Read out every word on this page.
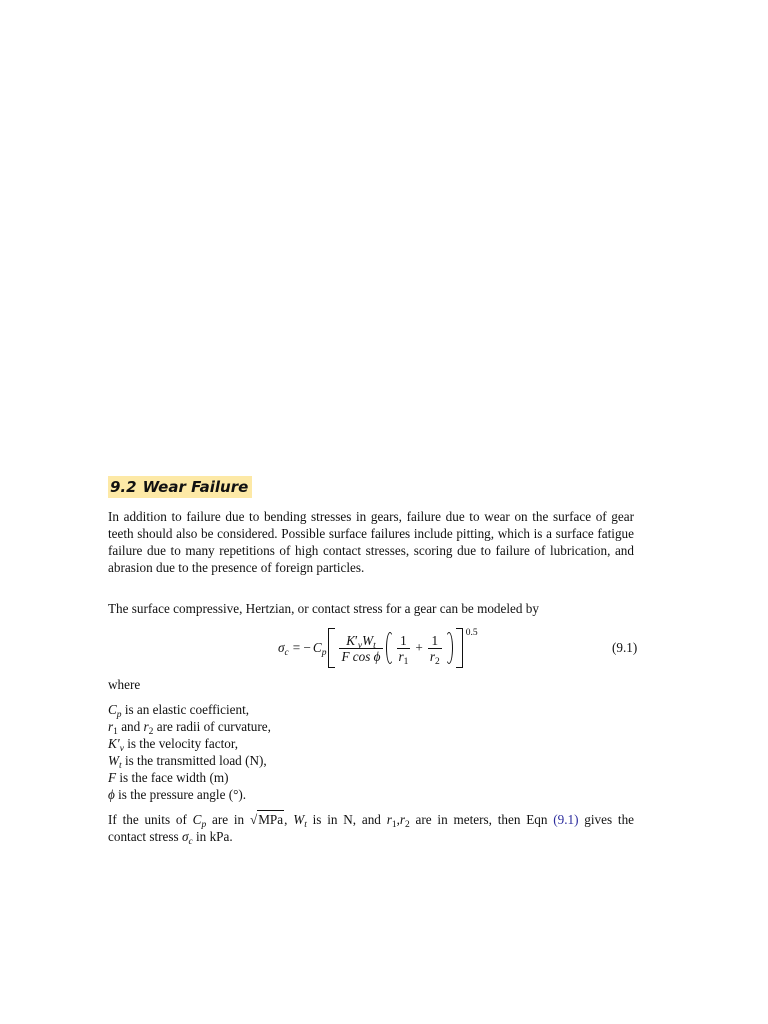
9.2 Wear Failure
In addition to failure due to bending stresses in gears, failure due to wear on the surface of gear teeth should also be considered. Possible surface failures include pitting, which is a surface fatigue failure due to many repetitions of high contact stresses, scoring due to failure of lubrication, and abrasion due to the presence of foreign particles.
The surface compressive, Hertzian, or contact stress for a gear can be modeled by
$\sigma_c$ = − $C_p \frac{K'_vW_t}{\text{F cos ϕ}} \frac{1}{r_1} + \frac{1}{r_2}$	0.5
(9.1)
where
$C_p$ is an elastic coefficient,
$r_1$ and $r_2$ are radii of curvature,
$K'_v$ is the velocity factor,
$W_t$ is the transmitted load (N),
F is the face width (m)
ϕ is the pressure angle (°).
If the units of $C_p$ are in √ MPa , $W_t$ is in N, and $r_1,r_2$ are in meters, then Eqn (9.1) gives the
contact stress $\sigma_c$ in kPa.
